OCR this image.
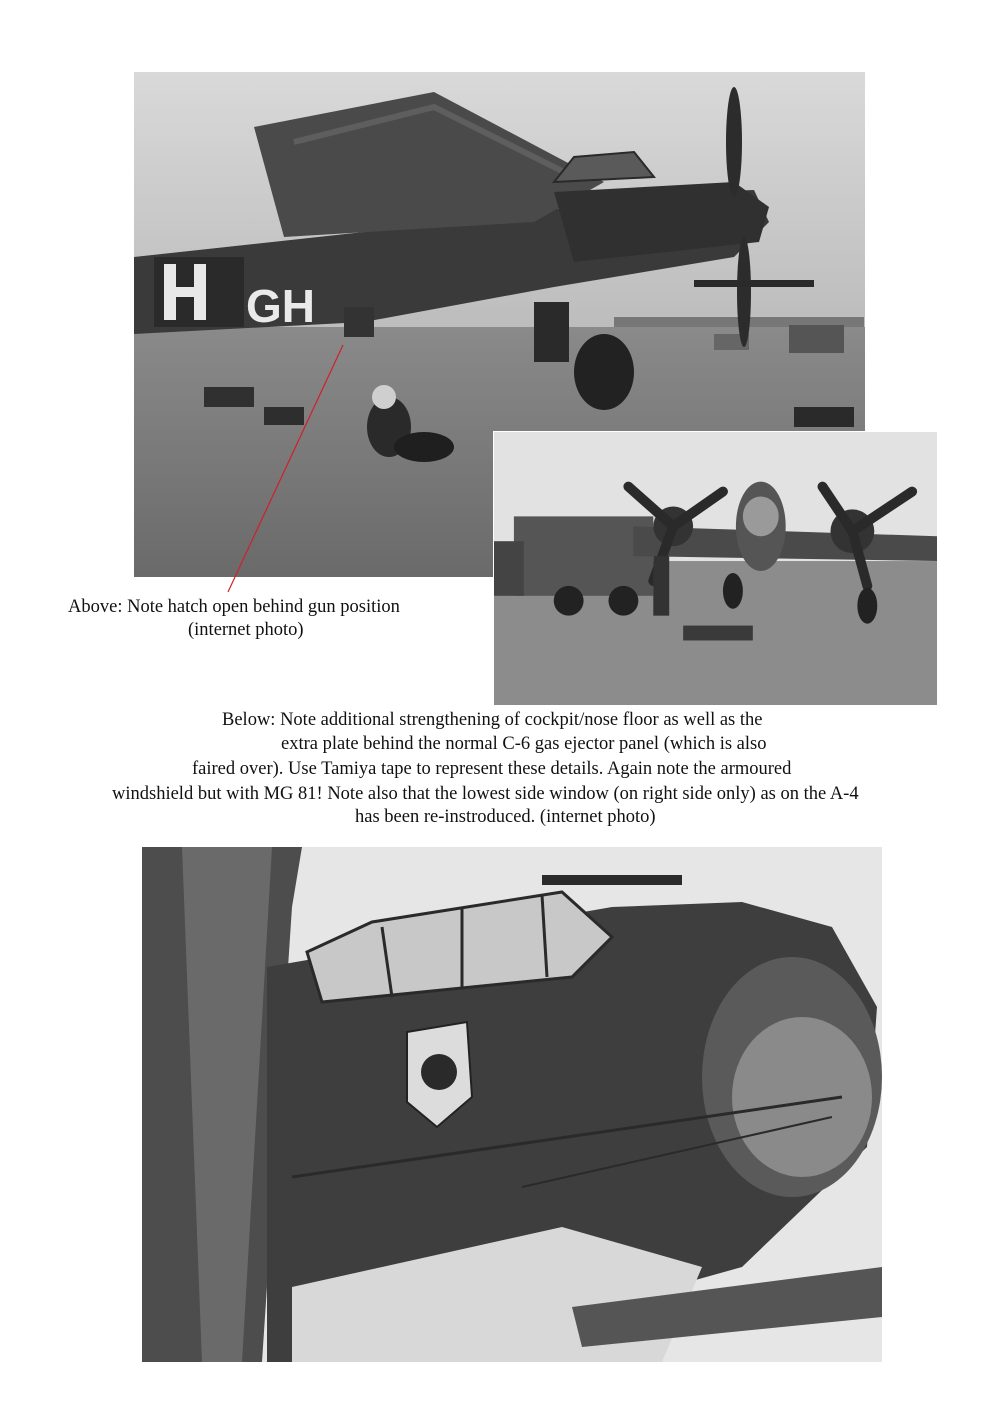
GH
Above: Note hatch open behind gun position
(internet photo)
Below: Note additional strengthening of cockpit/nose floor as well as the
extra plate behind the normal C-6 gas ejector panel (which is also
faired over). Use Tamiya tape to represent these details. Again note the armoured
windshield but with MG 81! Note also that the lowest side window (on right side only) as on the A-4
has been re-instroduced. (internet photo)
